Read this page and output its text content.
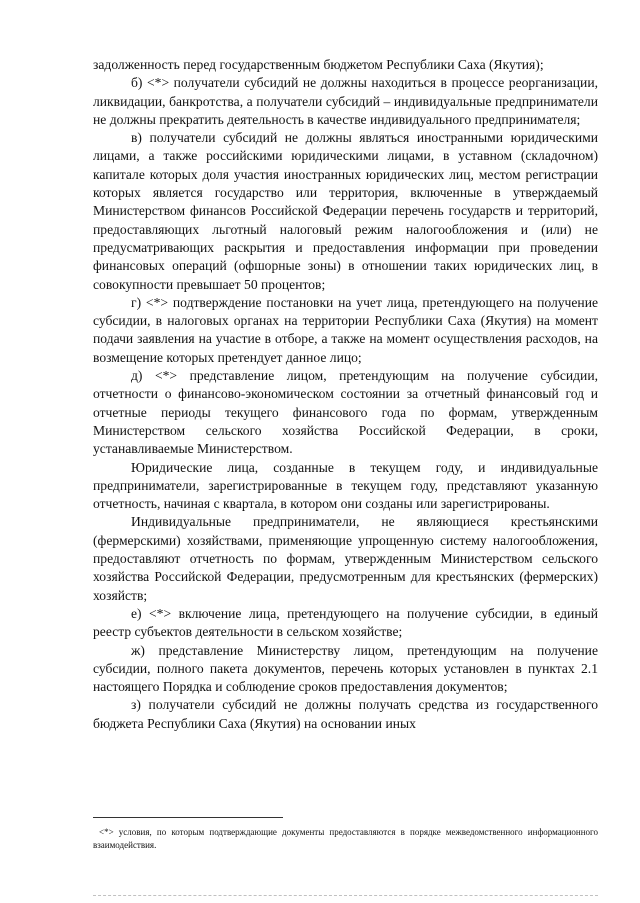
задолженность перед государственным бюджетом Республики Саха (Якутия);

б) <*> получатели субсидий не должны находиться в процессе реорганизации, ликвидации, банкротства, а получатели субсидий – индивидуальные предприниматели не должны прекратить деятельность в качестве индивидуального предпринимателя;

в) получатели субсидий не должны являться иностранными юридическими лицами, а также российскими юридическими лицами, в уставном (складочном) капитале которых доля участия иностранных юридических лиц, местом регистрации которых является государство или территория, включенные в утверждаемый Министерством финансов Российской Федерации перечень государств и территорий, предоставляющих льготный налоговый режим налогообложения и (или) не предусматривающих раскрытия и предоставления информации при проведении финансовых операций (офшорные зоны) в отношении таких юридических лиц, в совокупности превышает 50 процентов;

г) <*> подтверждение постановки на учет лица, претендующего на получение субсидии, в налоговых органах на территории Республики Саха (Якутия) на момент подачи заявления на участие в отборе, а также на момент осуществления расходов, на возмещение которых претендует данное лицо;

д) <*> представление лицом, претендующим на получение субсидии, отчетности о финансово-экономическом состоянии за отчетный финансовый год и отчетные периоды текущего финансового года по формам, утвержденным Министерством сельского хозяйства Российской Федерации, в сроки, устанавливаемые Министерством.

Юридические лица, созданные в текущем году, и индивидуальные предприниматели, зарегистрированные в текущем году, представляют указанную отчетность, начиная с квартала, в котором они созданы или зарегистрированы.

Индивидуальные предприниматели, не являющиеся крестьянскими (фермерскими) хозяйствами, применяющие упрощенную систему налогообложения, предоставляют отчетность по формам, утвержденным Министерством сельского хозяйства Российской Федерации, предусмотренным для крестьянских (фермерских) хозяйств;

е) <*> включение лица, претендующего на получение субсидии, в единый реестр субъектов деятельности в сельском хозяйстве;

ж) представление Министерству лицом, претендующим на получение субсидии, полного пакета документов, перечень которых установлен в пунктах 2.1 настоящего Порядка и соблюдение сроков предоставления документов;

з) получатели субсидий не должны получать средства из государственного бюджета Республики Саха (Якутия) на основании иных

<*> условия, по которым подтверждающие документы предоставляются в порядке межведомственного информационного взаимодействия.
